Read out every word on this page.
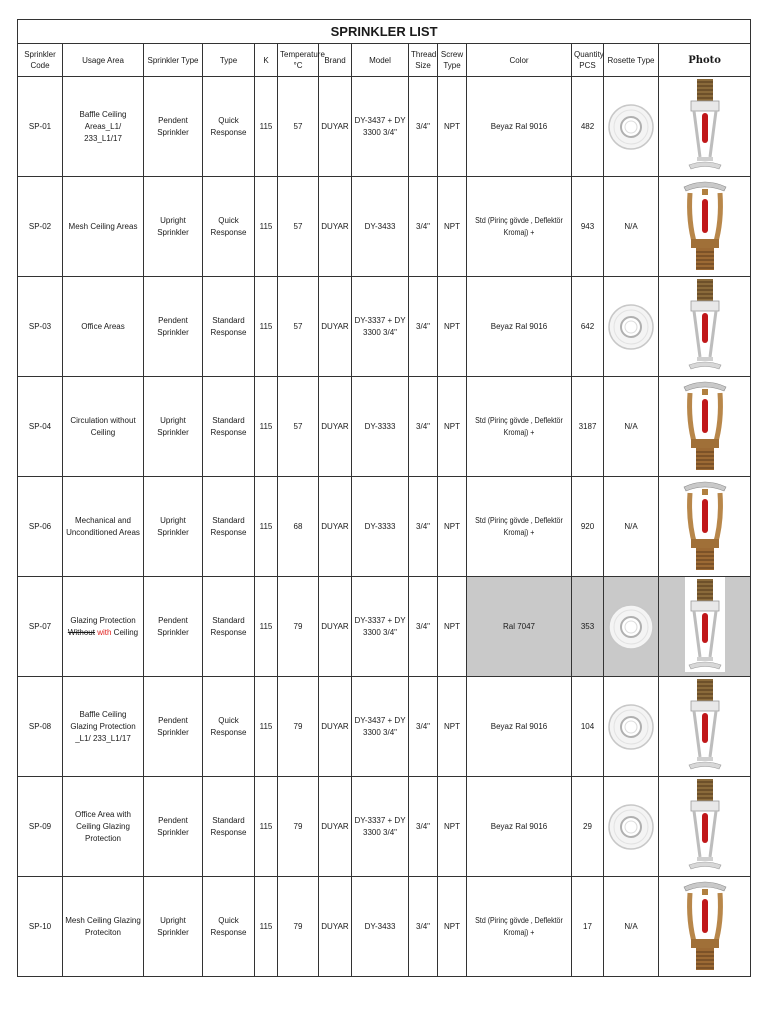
SPRINKLER LIST													
Sprinkler Code	Usage Area	Sprinkler Type	Type	K	Temperature °C	Brand	Model	Thread Size	Screw Type	Color	Quantity PCS	Rosette Type	Photo
SP-01	Baffle Ceiling Areas_L1/ 233_L1/17	Pendent Sprinkler	Quick Response	115	57	DUYAR	DY-3437 + DY 3300 3/4"	3/4"	NPT	Beyaz Ral 9016	482	

SP-02	Mesh Ceiling Areas	Upright Sprinkler	Quick Response	115	57	DUYAR	DY-3433	3/4"	NPT	Std (Pirinç gövde , Deflektör Kromaj) +	943	N/A	
SP-03	Office Areas	Pendent Sprinkler	Standard Response	115	57	DUYAR	DY-3337 + DY 3300 3/4"	3/4"	NPT	Beyaz Ral 9016	642	

SP-04	Circulation without Ceiling	Upright Sprinkler	Standard Response	115	57	DUYAR	DY-3333	3/4"	NPT	Std (Pirinç gövde , Deflektör Kromaj) +	3187	N/A	
SP-06	Mechanical and Unconditioned Areas	Upright Sprinkler	Standard Response	115	68	DUYAR	DY-3333	3/4"	NPT	Std (Pirinç gövde , Deflektör Kromaj) +	920	N/A	
SP-07	Glazing Protection Without with Ceiling	Pendent Sprinkler	Standard Response	115	79	DUYAR	DY-3337 + DY 3300 3/4"	3/4"	NPT	Ral 7047	353	

SP-08	Baffle Ceiling Glazing Protection _L1/ 233_L1/17	Pendent Sprinkler	Quick Response	115	79	DUYAR	DY-3437 + DY 3300 3/4"	3/4"	NPT	Beyaz Ral 9016	104	

SP-09	Office Area with Ceiling Glazing Protection	Pendent Sprinkler	Standard Response	115	79	DUYAR	DY-3337 + DY 3300 3/4"	3/4"	NPT	Beyaz Ral 9016	29	

SP-10	Mesh Ceiling Glazing Proteciton	Upright Sprinkler	Quick Response	115	79	DUYAR	DY-3433	3/4"	NPT	Std (Pirinç gövde , Deflektör Kromaj) +	17	N/A	
